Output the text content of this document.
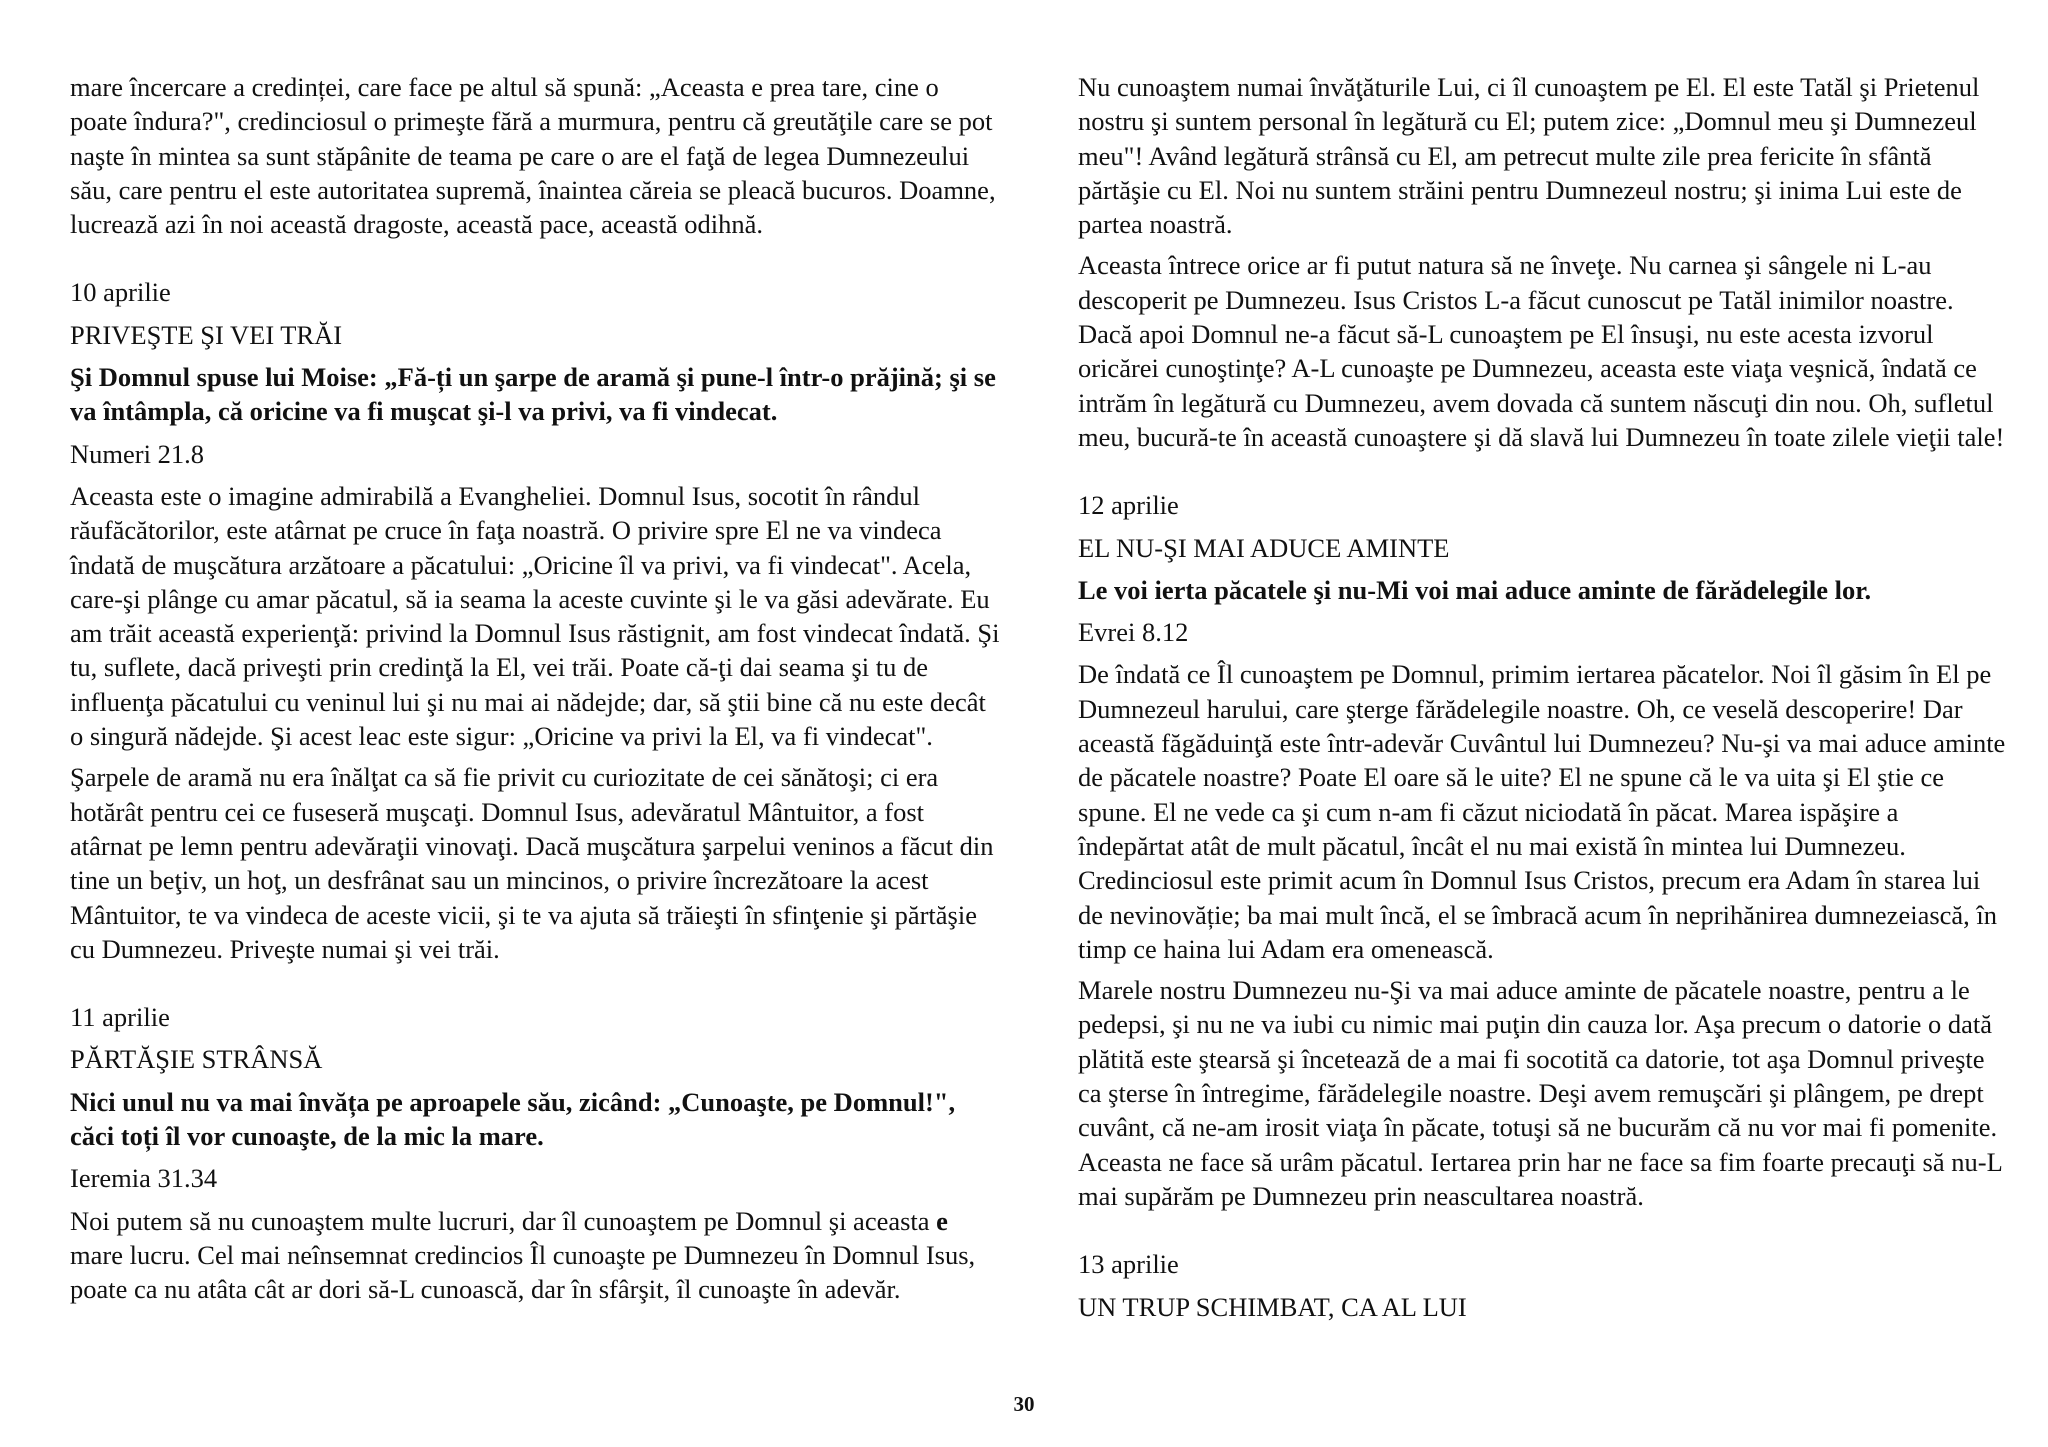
mare încercare a credinței, care face pe altul să spună: „Aceasta e prea tare, cine o poate îndura?", credinciosul o primeşte fără a murmura, pentru că greutăţile care se pot naşte în mintea sa sunt stăpânite de teama pe care o are el faţă de legea Dumnezeului său, care pentru el este autoritatea supremă, înaintea căreia se pleacă bucuros. Doamne, lucrează azi în noi această dragoste, această pace, această odihnă.

10 aprilie

PRIVEŞTE ŞI VEI TRĂI

Şi Domnul spuse lui Moise: „Fă-ți un şarpe de aramă şi pune-l într-o prăjină; şi se va întâmpla, că oricine va fi muşcat şi-l va privi, va fi vindecat.

Numeri 21.8

Aceasta este o imagine admirabilă a Evangheliei. Domnul Isus, socotit în rândul răufăcătorilor, este atârnat pe cruce în faţa noastră. O privire spre El ne va vindeca îndată de muşcătura arzătoare a păcatului: „Oricine îl va privi, va fi vindecat". Acela, care-şi plânge cu amar păcatul, să ia seama la aceste cuvinte şi le va găsi adevărate. Eu am trăit această experienţă: privind la Domnul Isus răstignit, am fost vindecat îndată. Şi tu, suflete, dacă priveşti prin credinţă la El, vei trăi. Poate că-ţi dai seama şi tu de influenţa păcatului cu veninul lui şi nu mai ai nădejde; dar, să ştii bine că nu este decât o singură nădejde. Şi acest leac este sigur: „Oricine va privi la El, va fi vindecat".

Şarpele de aramă nu era înălţat ca să fie privit cu curiozitate de cei sănătoşi; ci era hotărât pentru cei ce fuseseră muşcaţi. Domnul Isus, adevăratul Mântuitor, a fost atârnat pe lemn pentru adevăraţii vinovaţi. Dacă muşcătura şarpelui veninos a făcut din tine un beţiv, un hoţ, un desfrânat sau un mincinos, o privire încrezătoare la acest Mântuitor, te va vindeca de aceste vicii, şi te va ajuta să trăieşti în sfinţenie şi părtăşie cu Dumnezeu. Priveşte numai şi vei trăi.

11 aprilie

PĂRTĂŞIE STRÂNSĂ

Nici unul nu va mai învăța pe aproapele său, zicând: „Cunoaşte, pe Domnul!", căci toți îl vor cunoaşte, de la mic la mare.

Ieremia 31.34

Noi putem să nu cunoaştem multe lucruri, dar îl cunoaştem pe Domnul şi aceasta e mare lucru. Cel mai neînsemnat credincios Îl cunoaşte pe Dumnezeu în Domnul Isus, poate ca nu atâta cât ar dori să-L cunoască, dar în sfârşit, îl cunoaşte în adevăr.

Nu cunoaştem numai învăţăturile Lui, ci îl cunoaştem pe El. El este Tatăl şi Prietenul nostru şi suntem personal în legătură cu El; putem zice: „Domnul meu şi Dumnezeul meu"! Având legătură strânsă cu El, am petrecut multe zile prea fericite în sfântă părtăşie cu El. Noi nu suntem străini pentru Dumnezeul nostru; şi inima Lui este de partea noastră.

Aceasta întrece orice ar fi putut natura să ne înveţe. Nu carnea şi sângele ni L-au descoperit pe Dumnezeu. Isus Cristos L-a făcut cunoscut pe Tatăl inimilor noastre. Dacă apoi Domnul ne-a făcut să-L cunoaştem pe El însuşi, nu este acesta izvorul oricărei cunoştinţe? A-L cunoaşte pe Dumnezeu, aceasta este viaţa veşnică, îndată ce intrăm în legătură cu Dumnezeu, avem dovada că suntem născuţi din nou. Oh, sufletul meu, bucură-te în această cunoaştere şi dă slavă lui Dumnezeu în toate zilele vieţii tale!

12 aprilie

EL NU-ŞI MAI ADUCE AMINTE

Le voi ierta păcatele şi nu-Mi voi mai aduce aminte de fărădelegile lor.

Evrei 8.12

De îndată ce Îl cunoaştem pe Domnul, primim iertarea păcatelor. Noi îl găsim în El pe Dumnezeul harului, care şterge fărădelegile noastre. Oh, ce veselă descoperire! Dar această făgăduinţă este într-adevăr Cuvântul lui Dumnezeu? Nu-şi va mai aduce aminte de păcatele noastre? Poate El oare să le uite? El ne spune că le va uita şi El ştie ce spune. El ne vede ca şi cum n-am fi căzut niciodată în păcat. Marea ispăşire a îndepărtat atât de mult păcatul, încât el nu mai există în mintea lui Dumnezeu. Credinciosul este primit acum în Domnul Isus Cristos, precum era Adam în starea lui de nevinovăție; ba mai mult încă, el se îmbracă acum în neprihănirea dumnezeiască, în timp ce haina lui Adam era omenească.

Marele nostru Dumnezeu nu-Şi va mai aduce aminte de păcatele noastre, pentru a le pedepsi, şi nu ne va iubi cu nimic mai puţin din cauza lor. Aşa precum o datorie o dată plătită este ştearsă şi încetează de a mai fi socotită ca datorie, tot aşa Domnul priveşte ca şterse în întregime, fărădelegile noastre. Deşi avem remuşcări şi plângem, pe drept cuvânt, că ne-am irosit viaţa în păcate, totuşi să ne bucurăm că nu vor mai fi pomenite. Aceasta ne face să urâm păcatul. Iertarea prin har ne face sa fim foarte precauţi să nu-L mai supărăm pe Dumnezeu prin neascultarea noastră.

13 aprilie

UN TRUP SCHIMBAT, CA AL LUI

30
